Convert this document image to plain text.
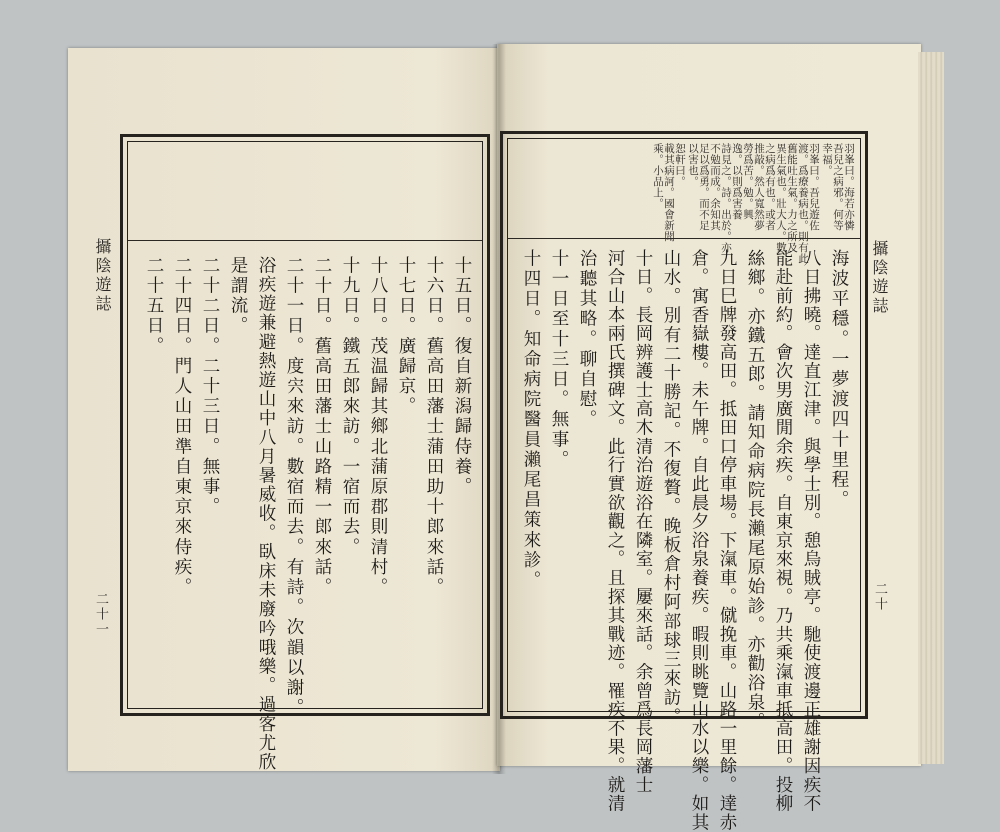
攝陰遊誌
二十一
十五日。復自新潟歸侍養。
十六日。舊高田藩士蒲田助十郎來話。
十七日。廣歸京。
十八日。茂温歸其鄉北蒲原郡則清村。
十九日。鐵五郎來訪。一宿而去。
二十日。舊高田藩士山路精一郎來話。
二十一日。度宍來訪。數宿而去。有詩。次韻以謝。
浴疾遊兼避熱遊山中八月暑威收。臥床未廢吟哦樂。過客尤欣
是謂流。
二十二日。二十三日。無事。
二十四日。門人山田準自東京來侍疾。
二十五日。	攝陰遊誌
二十
羽峯曰。海若亦憐
吾兒之病邪。何等
幸福。
羽峯曰。吾兒遊佐
渡。爲療養病也。則有此
舊能吐生氣。力之所及
異生氣也。壯大人。數
之病爲有也。或者
推敲。然人寬然夢
勞爲苦。勉。興
逸。以則爲害養
詩見之。詩。出於。亦
不勉而成。余知其
足以爲勇。而不足
以害也。
恕軒曰。
載其病訶。國會新聞
乘。小品上。
海波平穩。一夢渡四十里程。
八日拂曉。達直江津。與學士別。憩烏賊亭。馳使渡邊正雄謝因疾不
能赴前約。會次男廣閒余疾。自東京來視。乃共乘滊車抵高田。投柳
絲鄉。亦鐵五郎。請知命病院長瀨尾原始診。亦勸浴泉。
九日巳牌發高田。抵田口停車場。下滊車。僦挽車。山路一里餘。達赤
倉。寓香嶽樓。未午牌。自此晨夕浴泉養疾。暇則眺覽山水以樂。如其
山水。別有二十勝記。不復贅。晚板倉村阿部球三來訪。
十日。長岡辨護士高木清治遊浴在隣室。屢來話。余曾爲長岡藩士
河合山本兩氏撰碑文。此行實欲觀之。且探其戰迹。罹疾不果。就清
治聽其略。聊自慰。
十一日至十三日。無事。
十四日。知命病院醫員瀨尾昌策來診。
